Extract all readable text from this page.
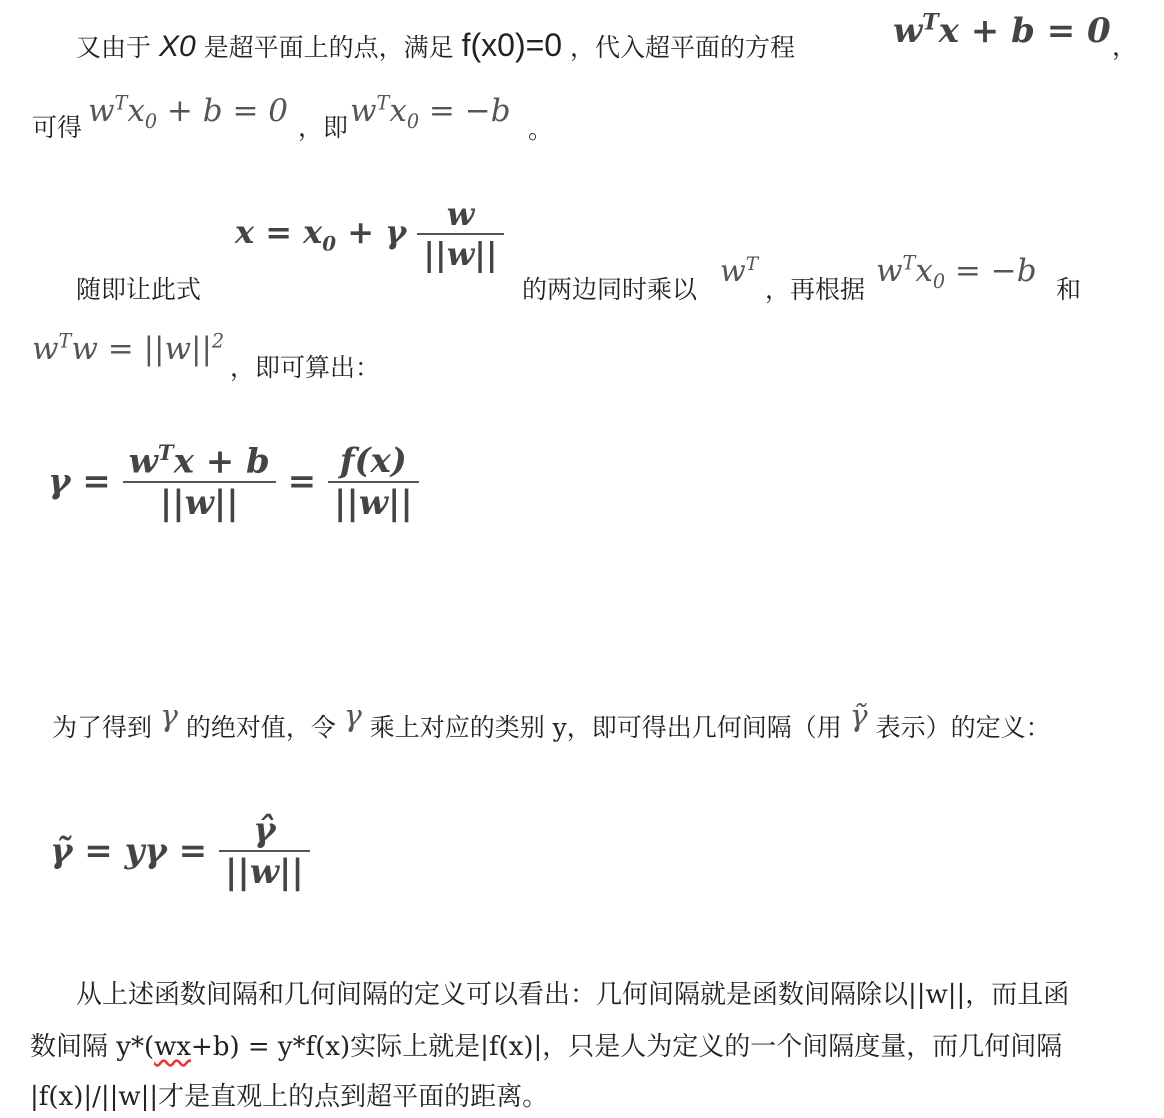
又由于 X0 是超平面上的点，满足 f(x0)=0 ，代入超平面的方程	$w^Tx + b = 0$ ，
可得 $w^Tx_0 + b = 0$ ，即 $w^Tx_0 = -b$
。
随即让此式
$x = x_0 + \gamma \frac{w}{||w||}$
的两边同时乘以
$w^T$
，再根据
$w^Tx_0 = -b$
和
$w^Tw = ||w||^2$
，即可算出：
$\gamma = \frac{w^Tx + b}{||w||} = \frac{f(x)}{||w||}$
为了得到 γ 的绝对值，令 γ 乘上对应的类别 y，即可得出几何间隔（用 γ̃ 表示）的定义：
γ̃ = $y\gamma = \frac{\gammâ}{||w||}$
从上述函数间隔和几何间隔的定义可以看出：几何间隔就是函数间隔除以||w||，而且函
数间隔 y*(wx+b) = y*f(x)实际上就是|f(x)|，只是人为定义的一个间隔度量，而几何间隔
|f(x)|/||w||才是直观上的点到超平面的距离。
